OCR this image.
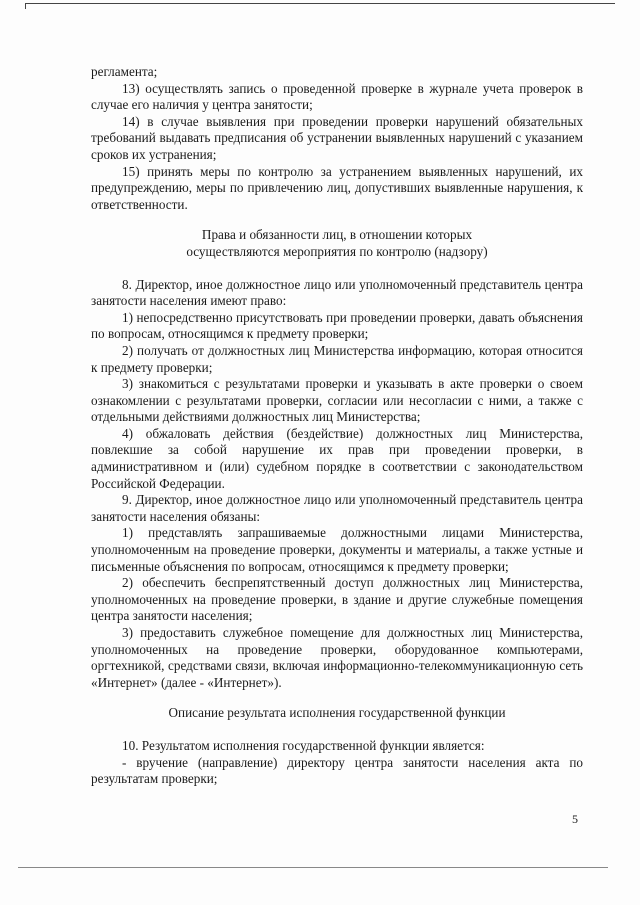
регламента;

13) осуществлять запись о проведенной проверке в журнале учета проверок в случае его наличия у центра занятости;

14) в случае выявления при проведении проверки нарушений обязательных требований выдавать предписания об устранении выявленных нарушений с указанием сроков их устранения;

15) принять меры по контролю за устранением выявленных нарушений, их предупреждению, меры по привлечению лиц, допустивших выявленные нарушения, к ответственности.

Права и обязанности лиц, в отношении которых

осуществляются мероприятия по контролю (надзору)

8. Директор, иное должностное лицо или уполномоченный представитель центра занятости населения имеют право:

1) непосредственно присутствовать при проведении проверки, давать объяснения по вопросам, относящимся к предмету проверки;

2) получать от должностных лиц Министерства информацию, которая относится к предмету проверки;

3) знакомиться с результатами проверки и указывать в акте проверки о своем ознакомлении с результатами проверки, согласии или несогласии с ними, а также с отдельными действиями должностных лиц Министерства;

4) обжаловать действия (бездействие) должностных лиц Министерства, повлекшие за собой нарушение их прав при проведении проверки, в административном и (или) судебном порядке в соответствии с законодательством Российской Федерации.

9. Директор, иное должностное лицо или уполномоченный представитель центра занятости населения обязаны:

1) представлять запрашиваемые должностными лицами Министерства, уполномоченным на проведение проверки, документы и материалы, а также устные и письменные объяснения по вопросам, относящимся к предмету проверки;

2) обеспечить беспрепятственный доступ должностных лиц Министерства, уполномоченных на проведение проверки, в здание и другие служебные помещения центра занятости населения;

3) предоставить служебное помещение для должностных лиц Министерства, уполномоченных на проведение проверки, оборудованное компьютерами, оргтехникой, средствами связи, включая информационно-телекоммуникационную сеть «Интернет» (далее - «Интернет»).

Описание результата исполнения государственной функции

10. Результатом исполнения государственной функции является:

- вручение (направление) директору центра занятости населения акта по результатам проверки;

5
